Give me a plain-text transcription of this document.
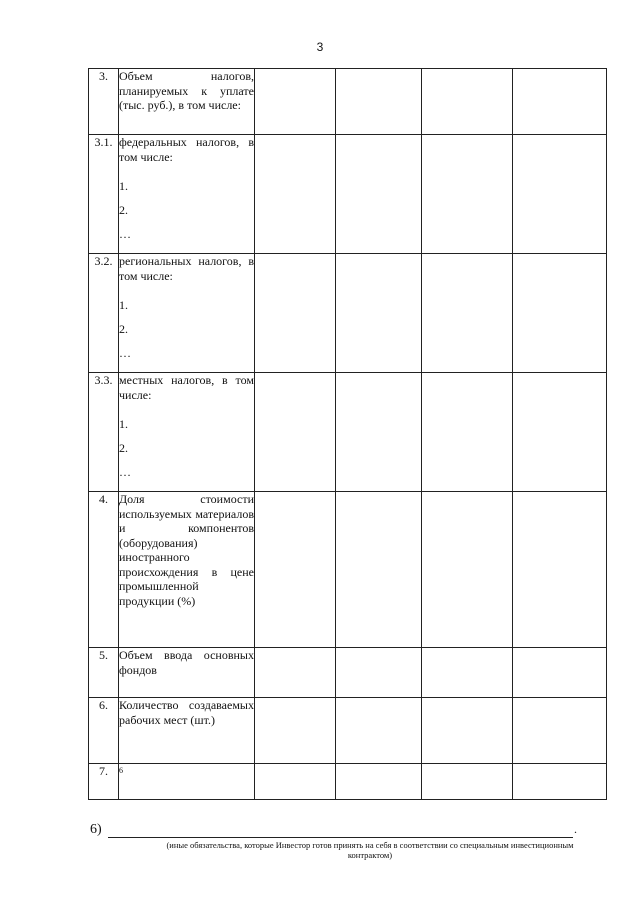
3
3.	Объем налогов, планируемых к уплате (тыс. руб.), в том числе:				
3.1.	федеральных налогов, в том числе:
1.
2.
…				

3.2.	региональных налогов, в том числе:
1.
2.
…				

3.3.	местных налогов, в том числе:
1.
2.
…				

4.	Доля стоимости используемых материалов и компонентов (оборудования) иностранного происхождения в цене промышленной продукции (%)				
5.	Объем ввода основных фондов				
6.	Количество создаваемых рабочих мест (шт.)				
7.	$^6$				
6)	.
(иные обязательства, которые Инвестор готов принять на себя в соответствии со специальным инвестиционным контрактом)
